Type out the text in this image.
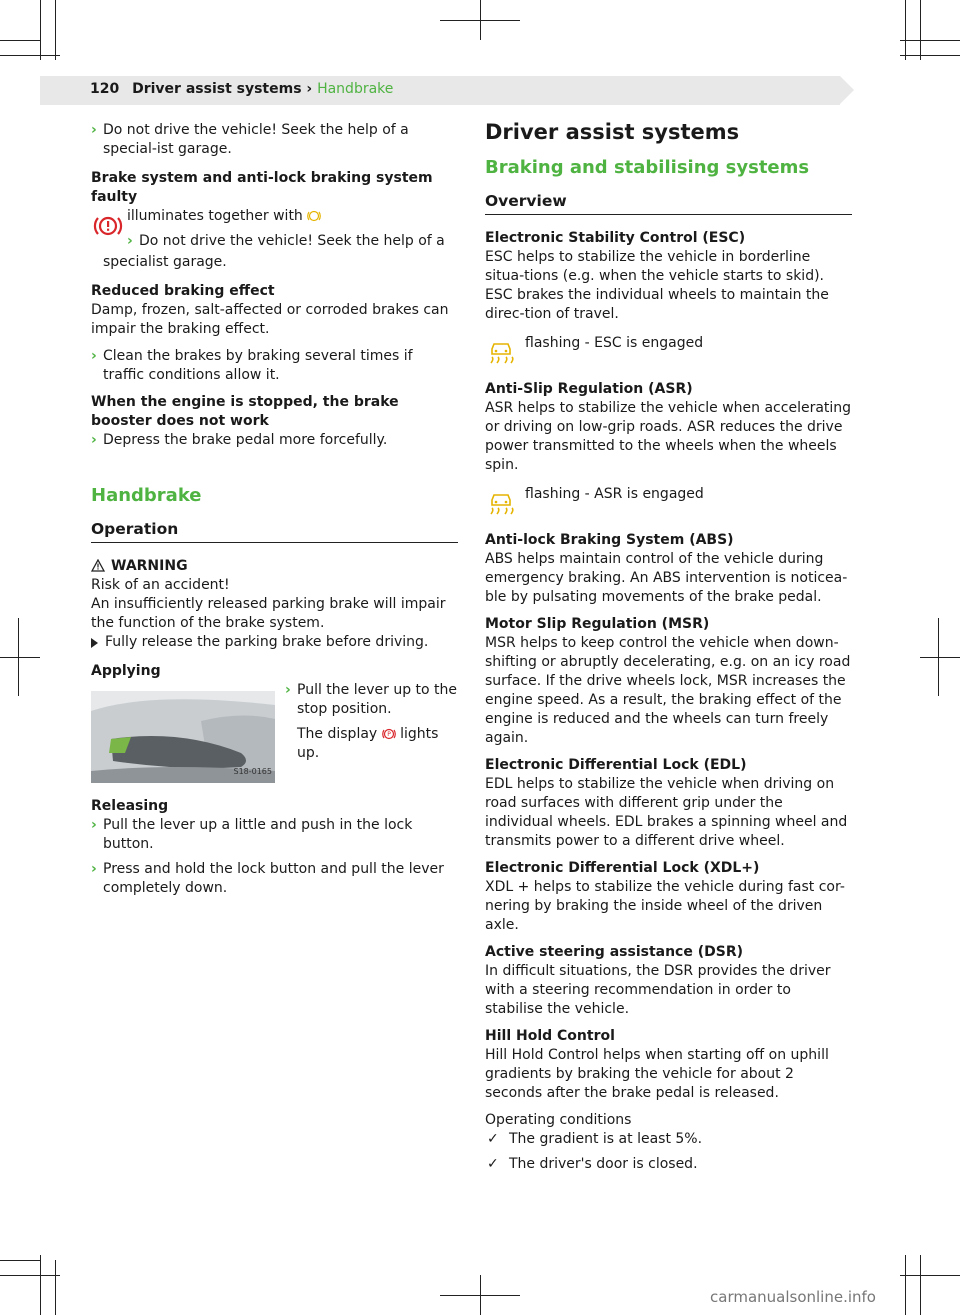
120 Driver assist systems › Handbrake
› Do not drive the vehicle! Seek the help of a special-ist garage.

Brake system and anti-lock braking system faulty

illuminates together with
› Do not drive the vehicle! Seek the help of a

specialist garage.

Reduced braking effect

Damp, frozen, salt-affected or corroded brakes can impair the braking effect.

› Clean the brakes by braking several times if traffic conditions allow it.

When the engine is stopped, the brake booster does not work

› Depress the brake pedal more forcefully.
Handbrake
Operation

WARNING

Risk of an accident!

An insufficiently released parking brake will impair the function of the brake system.

Fully release the parking brake before driving.

Applying

S18-0165
› Pull the lever up to the stop position.

The display P lights up.

Releasing

› Pull the lever up a little and push in the lock button.
› Press and hold the lock button and pull the lever completely down.
Driver assist systems
Braking and stabilising systems
Overview

Electronic Stability Control (ESC)

ESC helps to stabilize the vehicle in borderline situa-tions (e.g. when the vehicle starts to skid). ESC brakes the individual wheels to maintain the direc-tion of travel.

flashing - ESC is engaged

Anti-Slip Regulation (ASR)

ASR helps to stabilize the vehicle when accelerating or driving on low-grip roads. ASR reduces the drive power transmitted to the wheels when the wheels spin.

flashing - ASR is engaged

Anti-lock Braking System (ABS)

ABS helps maintain control of the vehicle during emergency braking. An ABS intervention is noticea-ble by pulsating movements of the brake pedal.

Motor Slip Regulation (MSR)

MSR helps to keep control the vehicle when down-shifting or abruptly decelerating, e.g. on an icy road surface. If the drive wheels lock, MSR increases the engine speed. As a result, the braking effect of the engine is reduced and the wheels can turn freely again.

Electronic Differential Lock (EDL)

EDL helps to stabilize the vehicle when driving on road surfaces with different grip under the individual wheels. EDL brakes a spinning wheel and transmits power to a different drive wheel.

Electronic Differential Lock (XDL+)

XDL + helps to stabilize the vehicle during fast cor-nering by braking the inside wheel of the driven axle.

Active steering assistance (DSR)

In difficult situations, the DSR provides the driver with a steering recommendation in order to stabilise the vehicle.

Hill Hold Control

Hill Hold Control helps when starting off on uphill gradients by braking the vehicle for about 2 seconds after the brake pedal is released.

Operating conditions

✓ The gradient is at least 5%.
✓ The driver's door is closed.
carmanualsonline.info
